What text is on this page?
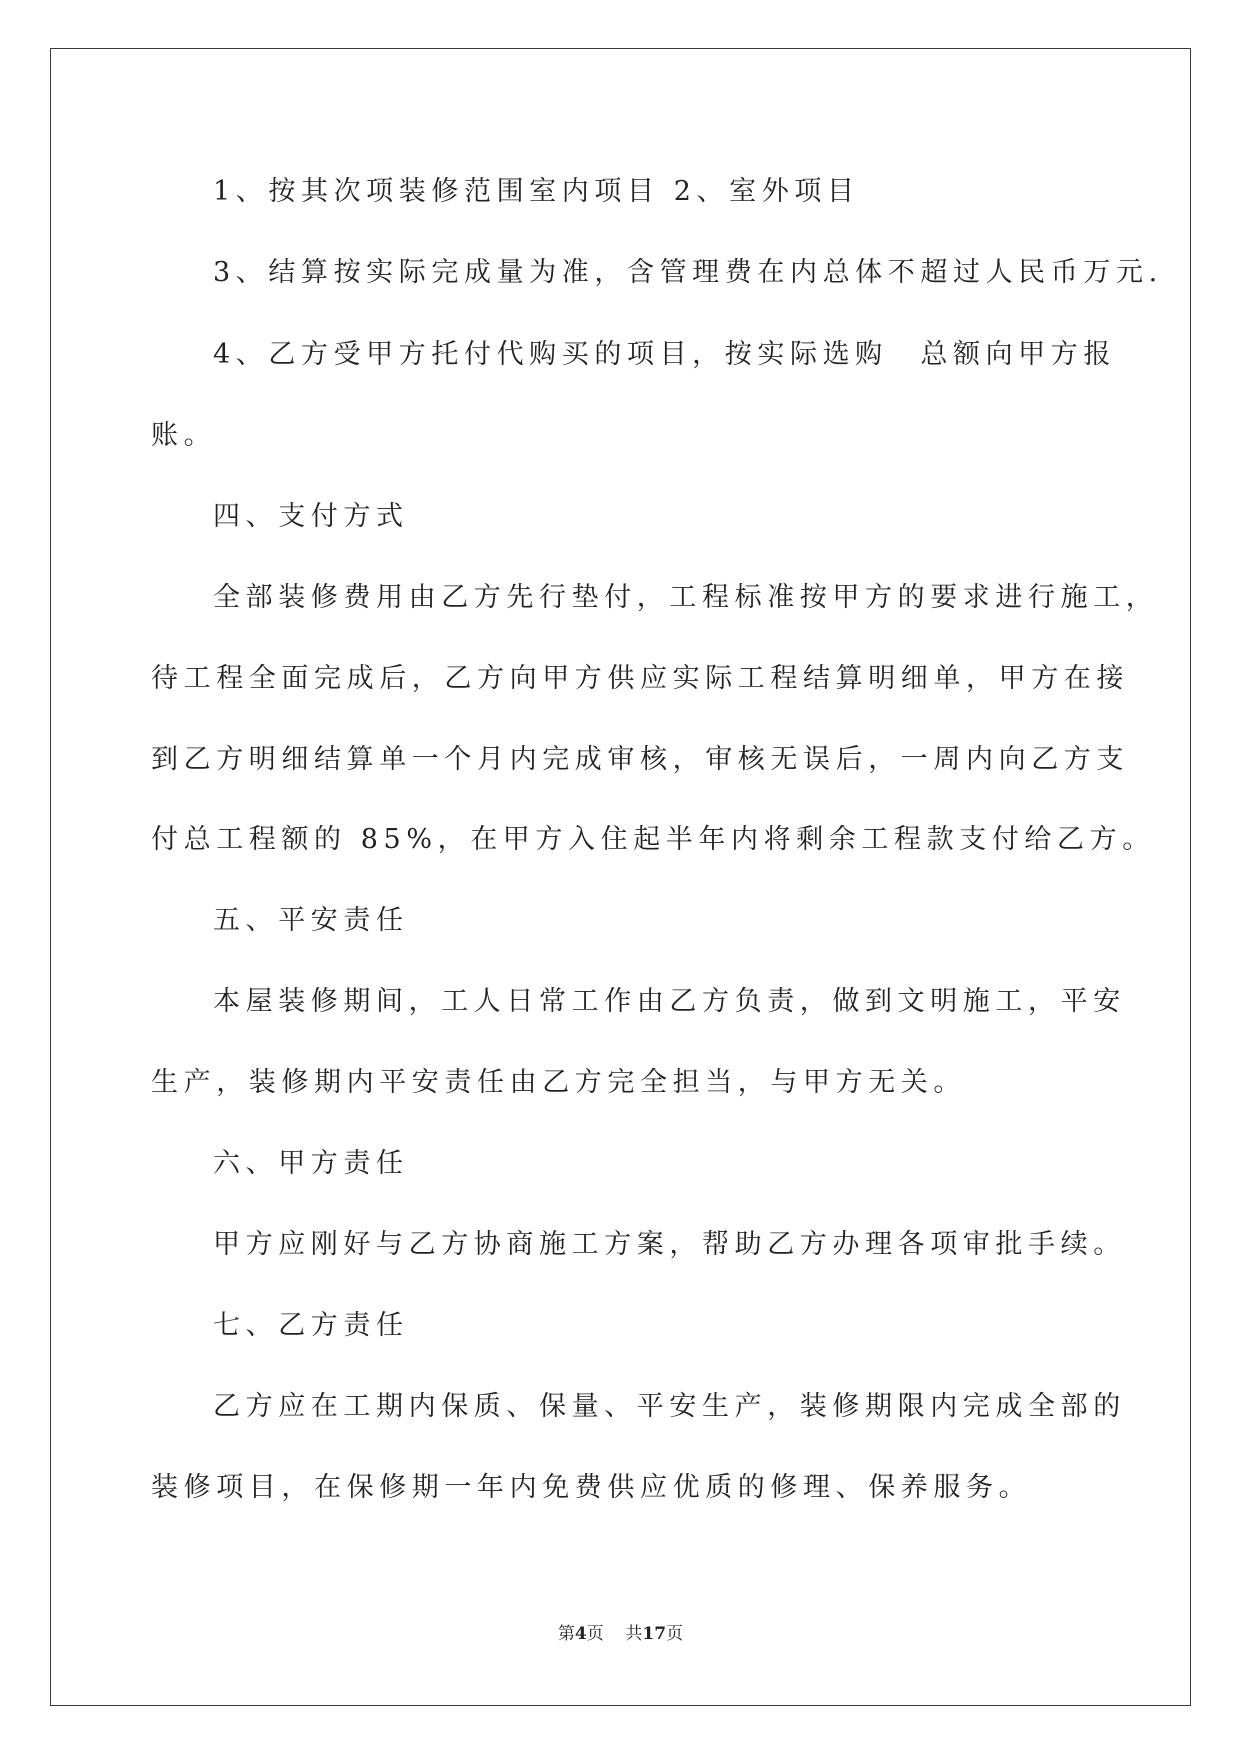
1、按其次项装修范围室内项目 2、室外项目
3、结算按实际完成量为准，含管理费在内总体不超过人民币万元.
4、乙方受甲方托付代购买的项目，按实际选购　总额向甲方报
账。
四、支付方式
全部装修费用由乙方先行垫付，工程标准按甲方的要求进行施工，
待工程全面完成后，乙方向甲方供应实际工程结算明细单，甲方在接
到乙方明细结算单一个月内完成审核，审核无误后，一周内向乙方支
付总工程额的 85%，在甲方入住起半年内将剩余工程款支付给乙方。
五、平安责任
本屋装修期间，工人日常工作由乙方负责，做到文明施工，平安
生产，装修期内平安责任由乙方完全担当，与甲方无关。
六、甲方责任
甲方应刚好与乙方协商施工方案，帮助乙方办理各项审批手续。
七、乙方责任
乙方应在工期内保质、保量、平安生产，装修期限内完成全部的
装修项目，在保修期一年内免费供应优质的修理、保养服务。
第4页 共17页
